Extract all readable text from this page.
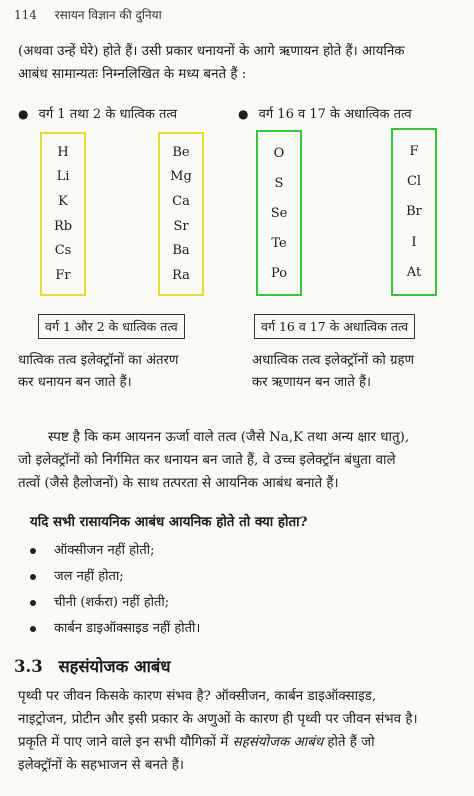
114 रसायन विज्ञान की दुनिया
(अथवा उन्हें घेरे) होते हैं। उसी प्रकार धनायनों के आगे ऋणायन होते हैं। आयनिक
आबंध सामान्यतः निम्नलिखित के मध्य बनते हैं :
● वर्ग 1 तथा 2 के धात्विक तत्व
H
Li
K
Rb
Cs
Fr
Be
Mg
Ca
Sr
Ba
Ra
वर्ग 1 और 2 के धात्विक तत्व
धात्विक तत्व इलेक्ट्रॉनों का अंतरण
कर धनायन बन जाते हैं।
● वर्ग 16 व 17 के अधात्विक तत्व
O
S
Se
Te
Po
F
Cl
Br
I
At
वर्ग 16 व 17 के अधात्विक तत्व
अधात्विक तत्व इलेक्ट्रॉनों को ग्रहण
कर ऋणायन बन जाते हैं।
स्पष्ट है कि कम आयनन ऊर्जा वाले तत्व (जैसे Na,K तथा अन्य क्षार धातु),
जो इलेक्ट्रॉनों को निर्गमित कर धनायन बन जाते हैं, वे उच्च इलेक्ट्रॉन बंधुता वाले
तत्वों (जैसे हैलोजनों) के साथ तत्परता से आयनिक आबंध बनाते हैं।
यदि सभी रासायनिक आबंध आयनिक होते तो क्या होता?
ऑक्सीजन नहीं होती;
जल नहीं होता;
चीनी (शर्करा) नहीं होती;
कार्बन डाइऑक्साइड नहीं होती।
3.3 सहसंयोजक आबंध
पृथ्वी पर जीवन किसके कारण संभव है? ऑक्सीजन, कार्बन डाइऑक्साइड,
नाइट्रोजन, प्रोटीन और इसी प्रकार के अणुओं के कारण ही पृथ्वी पर जीवन संभव है।
प्रकृति में पाए जाने वाले इन सभी यौगिकों में सहसंयोजक आबंध होते हैं जो
इलेक्ट्रॉनों के सहभाजन से बनते हैं।
